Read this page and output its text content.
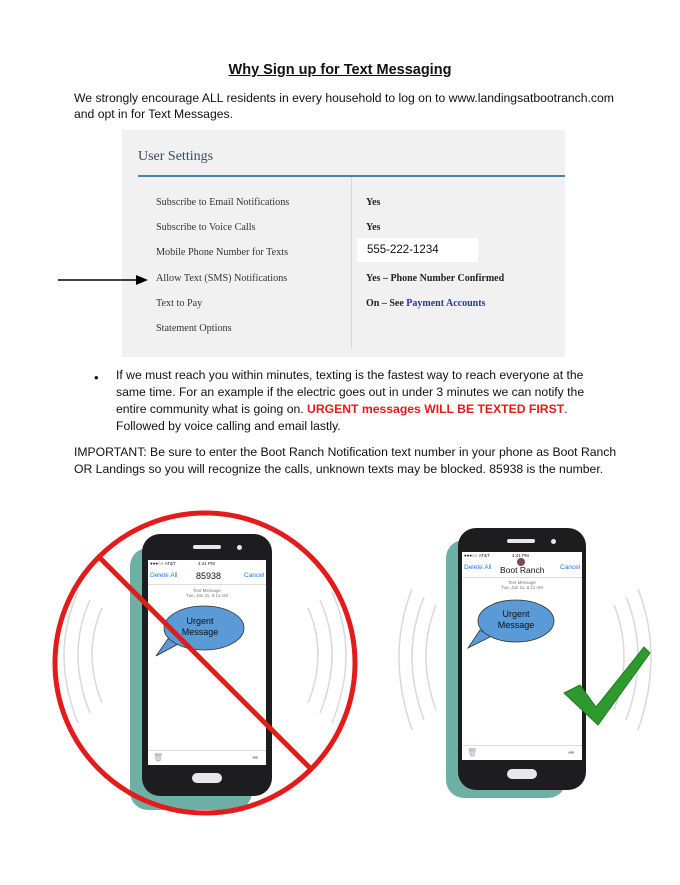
Why Sign up for Text Messaging
We strongly encourage ALL residents in every household to log on to www.landingsatbootranch.com and opt in for Text Messages.
User Settings
Subscribe to Email Notifications	Yes
Subscribe to Voice Calls	Yes
Mobile Phone Number for Texts	555-222-1234
Allow Text (SMS) Notifications	Yes – Phone Number Confirmed
Text to Pay	On – See Payment Accounts
Statement Options
• If we must reach you within minutes, texting is the fastest way to reach everyone at the same time. For an example if the electric goes out in under 3 minutes we can notify the entire community what is going on. URGENT messages WILL BE TEXTED FIRST. Followed by voice calling and email lastly.
IMPORTANT: Be sure to enter the Boot Ranch Notification text number in your phone as Boot Ranch OR Landings so you will recognize the calls, unknown texts may be blocked. 85938 is the number.
●●●○○ AT&T	4:41 PM
Delete All 85938	Cancel
Text Message
Tue, Jan 11, 6:11 AM
Urgent
Message
🗑	➦
●●●○○ AT&T	4:41 PM
Delete All Boot Ranch Cancel
Text Message
Tue, Jan 11, 6:11 AM
Urgent
Message
🗑	➦
